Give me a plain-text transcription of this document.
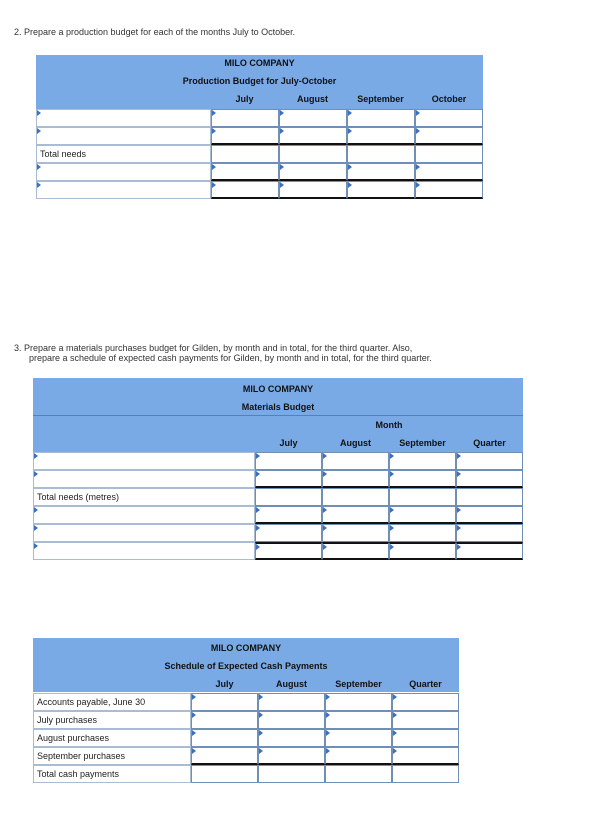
2. Prepare a production budget for each of the months July to October.
MILO COMPANY
Production Budget for July-October
July	August	September	October
Total needs
3. Prepare a materials purchases budget for Gilden, by month and in total, for the third quarter. Also,
prepare a schedule of expected cash payments for Gilden, by month and in total, for the third quarter.
MILO COMPANY
Materials Budget
Month
July	August	September	Quarter
Total needs (metres)
MILO COMPANY
Schedule of Expected Cash Payments
July	August	September	Quarter
Accounts payable, June 30
July purchases
August purchases
September purchases
Total cash payments
